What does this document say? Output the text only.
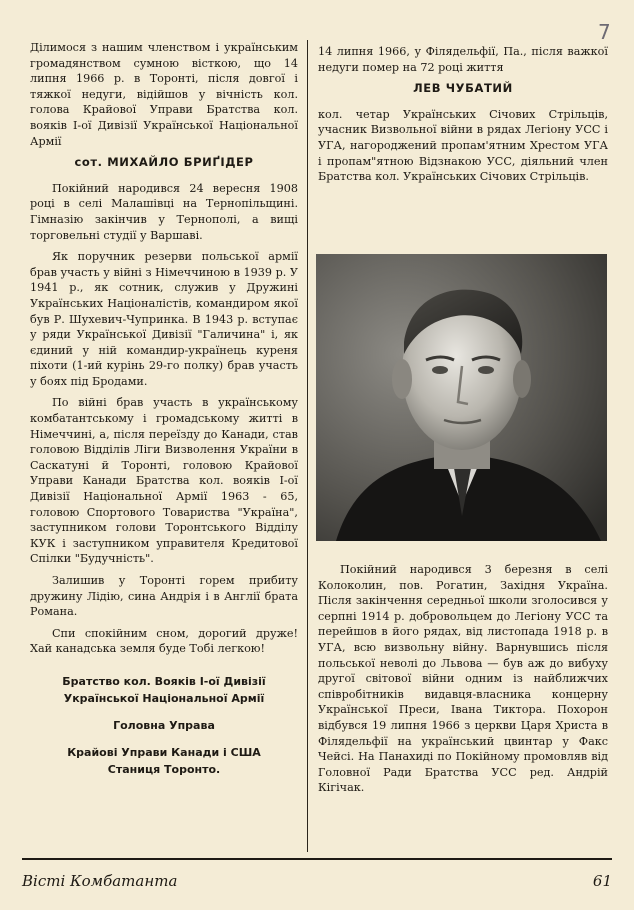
7

Ділимося з нашим членством і українським громадянством сумною вісткою, що 14 липня 1966 р. в Торонті, після довгої і тяжкої недуги, відійшов у вічність кол. голова Крайової Управи Братства кол. вояків І-ої Дивізії Української Національної Армії

сот. МИХАЙЛО БРИҐІДЕР

Покійний народився 24 вересня 1908 році в селі Малашівці на Тернопільщині. Гімназію закінчив у Тернополі, а вищі торговельні студії у Варшаві.

Як поручник резерви польської армії брав участь у війні з Німеччиною в 1939 р. У 1941 р., як сотник, служив у Дружині Українських Націоналістів, командиром якої був Р. Шухевич-Чупринка. В 1943 р. вступає у ряди Української Дивізії "Галичина" і, як єдиний у ній командир-українець куреня піхоти (1-ий курінь 29-го полку) брав участь у боях під Бродами.

По війні брав участь в українському комбатантському і громадському житті в Німеччині, а, після переїзду до Канади, став головою Відділів Ліги Визволення України в Саскатуні й Торонті, головою Крайової Управи Канади Братства кол. вояків І-ої Дивізії Національної Армії 1963 - 65, головою Спортового Товариства "Україна", заступником голови Торонтського Відділу КУК і заступником управителя Кредитової Спілки "Будучність".

Залишив у Торонті горем прибиту дружину Лідію, сина Андрія і в Англії брата Романа.

Спи спокійним сном, дорогий друже! Хай канадська земля буде Тобі легкою!

Братство кол. Вояків І-ої Дивізії
Української Національної Армії
Головна Управа
Крайові Управи Канади і США
Станиця Торонто.

14 липня 1966, у Філядельфії, Па., після важкої недуги помер на 72 році життя

ЛЕВ ЧУБАТИЙ

кол. четар Українських Січових Стрільців, учасник Визвольної війни в рядах Легіону УСС і УГА, нагороджений пропам'ятним Хрестом УГА і пропам"ятною Відзнакою УСС, діяльний член Братства кол. Українських Січових Стрільців.

Покійний народився 3 березня в селі Колоколин, пов. Рогатин, Західня Україна. Після закінчення середньої школи зголосився у серпні 1914 р. добровольцем до Легіону УСС та перейшов в його рядах, від листопада 1918 р. в УГА, всю визвольну війну. Варнувшись після польської неволі до Львова — був аж до вибуху другої світової війни одним із найближчих співробітників видавця-власника концерну Української Преси, Івана Тиктора. Похорон відбувся 19 липня 1966 з церкви Царя Христа в Філядельфії на український цвинтар у Факс Чейсі. На Панахиді по Покійному промовляв від Головної Ради Братства УСС ред. Андрій Кігічак.

Вісті Комбатанта	61
